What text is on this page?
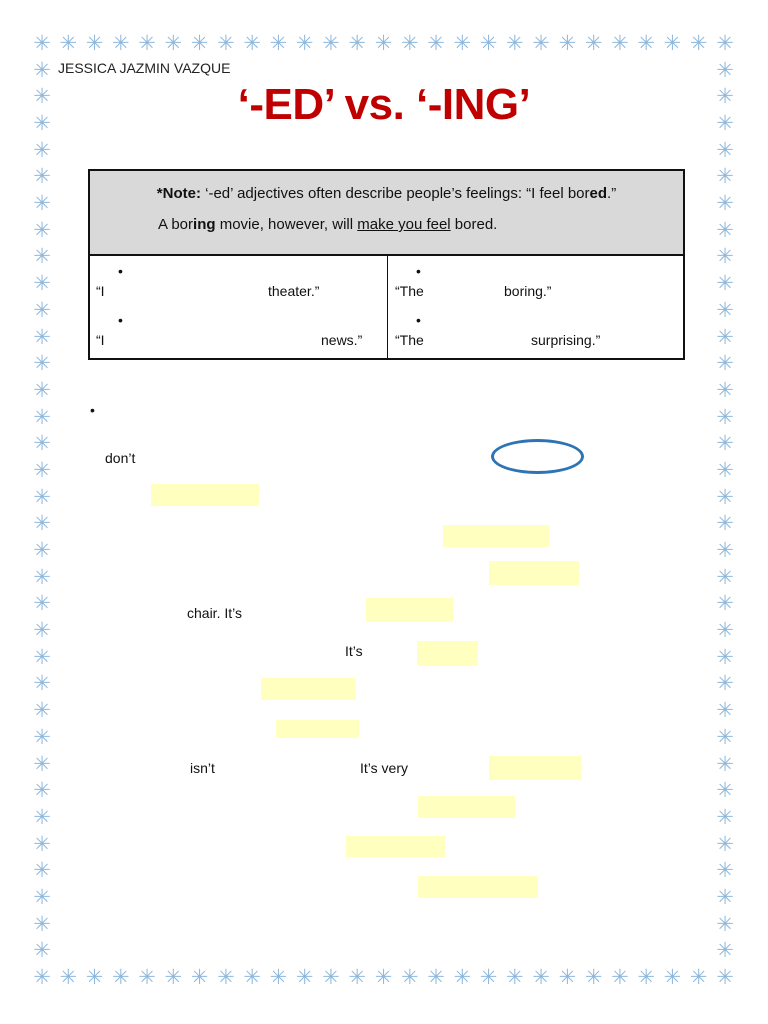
✳
✳
✳
✳
✳
✳
✳
✳
✳
✳
✳
✳
✳
✳
✳
✳
✳
✳
✳
✳
✳
✳
✳
✳
✳
✳
✳
✳
✳
✳
✳
✳
✳
✳
✳
✳
✳
✳
✳
✳
✳
✳
✳
✳
✳
✳
✳
✳
✳
✳
✳
✳
✳
✳
✳	✳
✳	✳
✳	✳
✳	✳
✳	✳
✳	✳
✳	✳
✳	✳
✳	✳
✳	✳
✳	✳
✳	✳
✳	✳
✳	✳
✳	✳
✳	✳
✳	✳
✳	✳
✳	✳
✳	✳
✳	✳
✳	✳
✳	✳
✳	✳
✳	✳
✳	✳
✳	✳
✳	✳
✳	✳
✳	✳
✳	✳
✳	✳
✳	✳
✳	✳
JESSICA JAZMIN VAZQUE
‘-ED’ vs. ‘-ING’
*Note: ‘-ed’ adjectives often describe people’s feelings: “I feel bored.”
A boring movie, however, will make you feel bored.
•
“I	theater.”
•
“I	news.”
•
“The	boring.”
•
“The	surprising.”
•
don’t
chair. It’s
It’s
isn’t	It’s very
